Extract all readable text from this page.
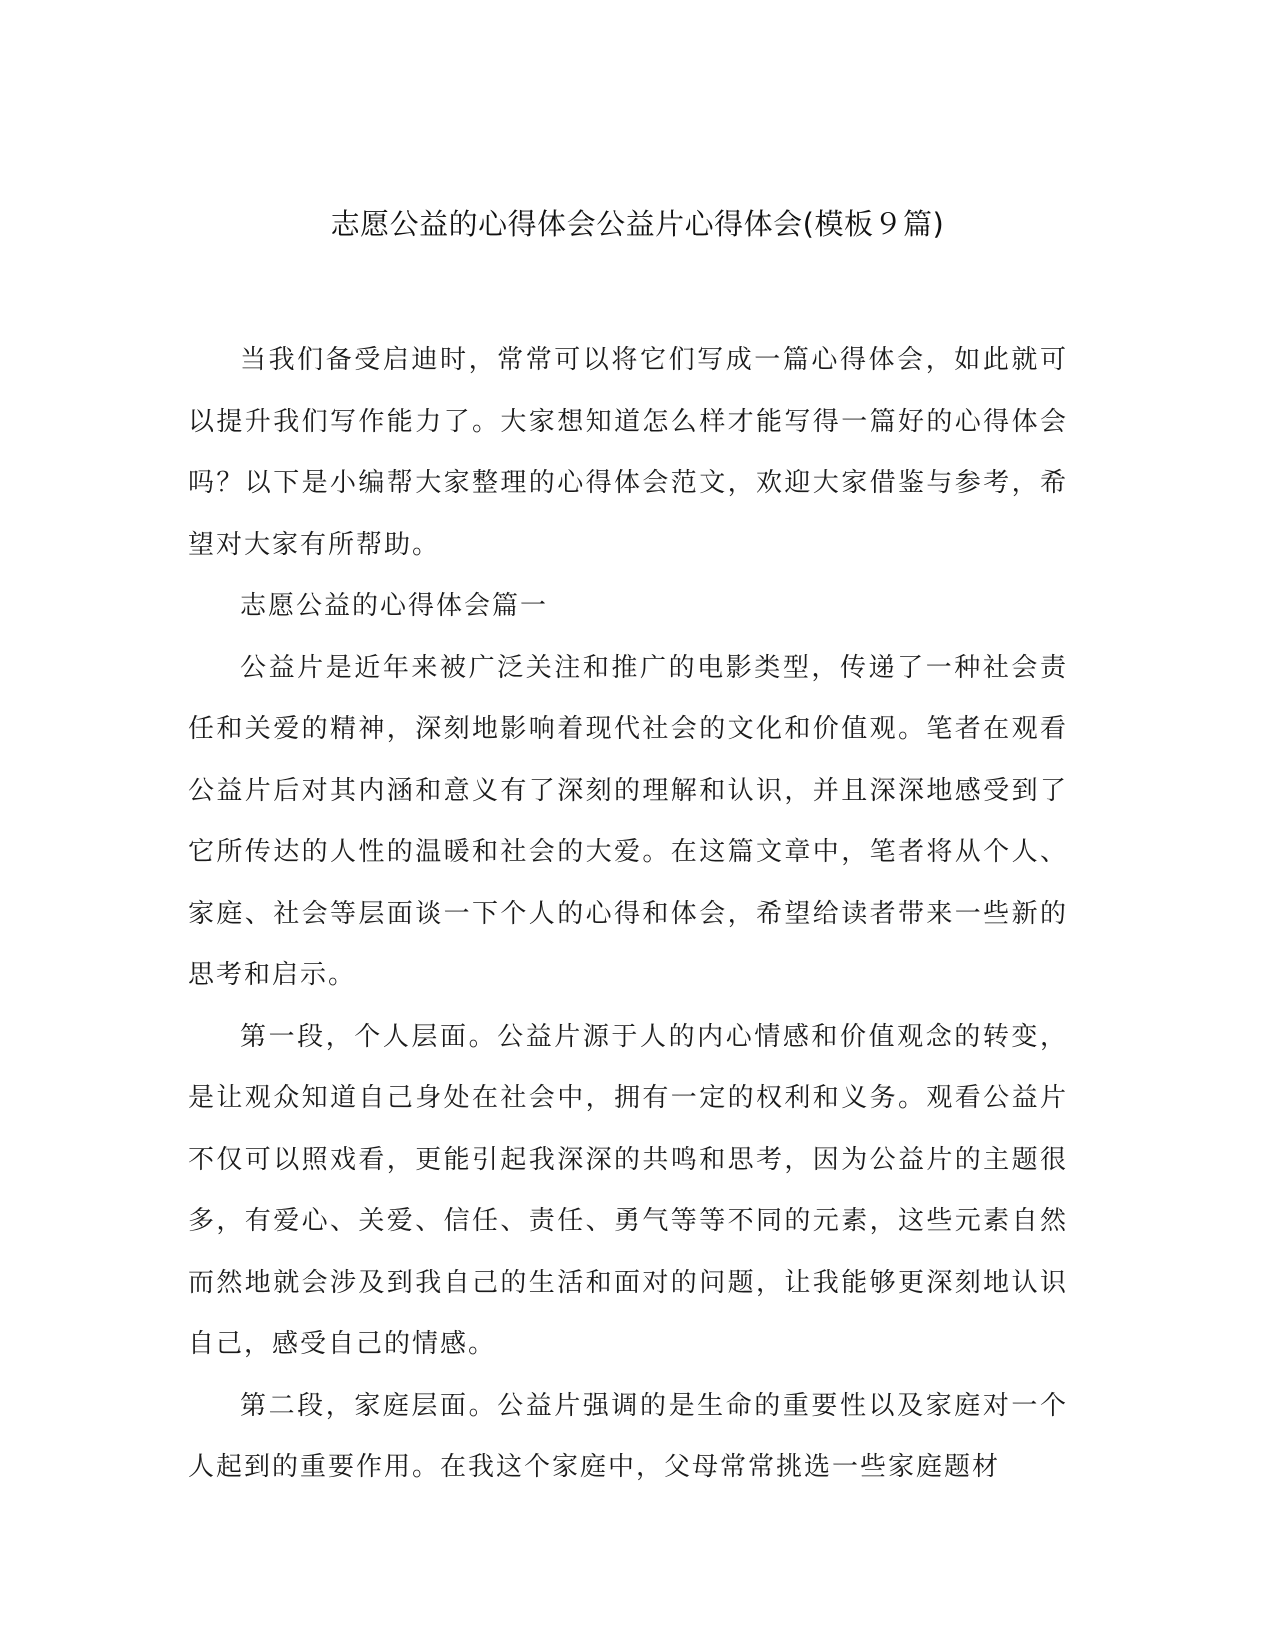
志愿公益的心得体会公益片心得体会(模板９篇)

当我们备受启迪时，常常可以将它们写成一篇心得体会，如此就可以提升我们写作能力了。大家想知道怎么样才能写得一篇好的心得体会吗？以下是小编帮大家整理的心得体会范文，欢迎大家借鉴与参考，希望对大家有所帮助。

志愿公益的心得体会篇一

公益片是近年来被广泛关注和推广的电影类型，传递了一种社会责任和关爱的精神，深刻地影响着现代社会的文化和价值观。笔者在观看公益片后对其内涵和意义有了深刻的理解和认识，并且深深地感受到了它所传达的人性的温暖和社会的大爱。在这篇文章中，笔者将从个人、家庭、社会等层面谈一下个人的心得和体会，希望给读者带来一些新的思考和启示。

第一段，个人层面。公益片源于人的内心情感和价值观念的转变，是让观众知道自己身处在社会中，拥有一定的权利和义务。观看公益片不仅可以照戏看，更能引起我深深的共鸣和思考，因为公益片的主题很多，有爱心、关爱、信任、责任、勇气等等不同的元素，这些元素自然而然地就会涉及到我自己的生活和面对的问题，让我能够更深刻地认识自己，感受自己的情感。

第二段，家庭层面。公益片强调的是生命的重要性以及家庭对一个人起到的重要作用。在我这个家庭中，父母常常挑选一些家庭题材
